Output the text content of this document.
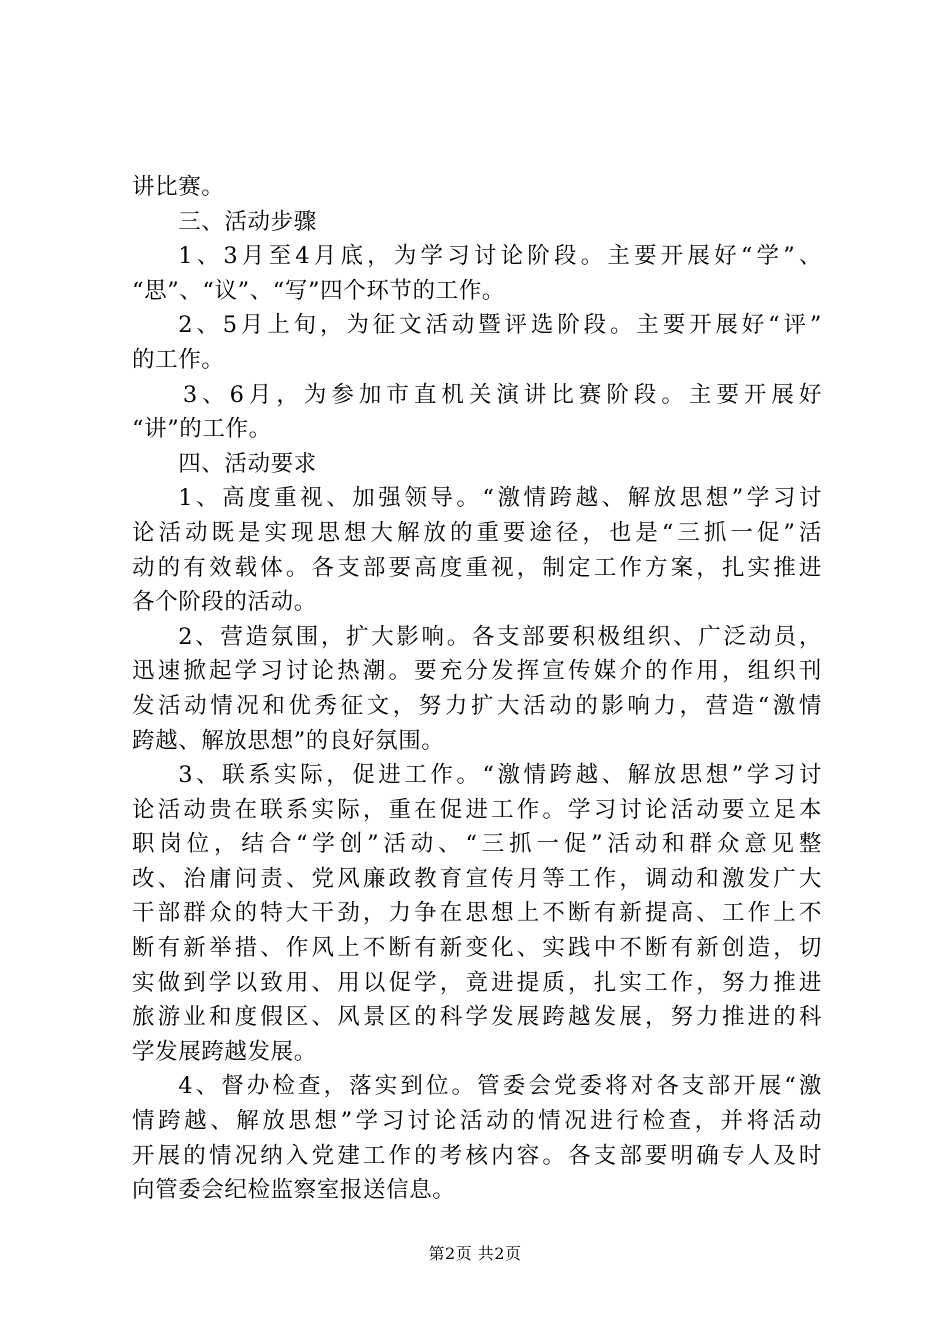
讲比赛。
三、活动步骤
1、3月至4月底，为学习讨论阶段。主要开展好“学”、
“思”、“议”、“写”四个环节的工作。
2、5月上旬，为征文活动暨评选阶段。主要开展好“评”
的工作。
3、6月，为参加市直机关演讲比赛阶段。主要开展好
“讲”的工作。
四、活动要求
1、高度重视、加强领导。“激情跨越、解放思想”学习讨
论活动既是实现思想大解放的重要途径，也是“三抓一促”活
动的有效载体。各支部要高度重视，制定工作方案，扎实推进
各个阶段的活动。
2、营造氛围，扩大影响。各支部要积极组织、广泛动员，
迅速掀起学习讨论热潮。要充分发挥宣传媒介的作用，组织刊
发活动情况和优秀征文，努力扩大活动的影响力，营造“激情
跨越、解放思想”的良好氛围。
3、联系实际，促进工作。“激情跨越、解放思想”学习讨
论活动贵在联系实际，重在促进工作。学习讨论活动要立足本
职岗位，结合“学创”活动、“三抓一促”活动和群众意见整
改、治庸问责、党风廉政教育宣传月等工作，调动和激发广大
干部群众的特大干劲，力争在思想上不断有新提高、工作上不
断有新举措、作风上不断有新变化、实践中不断有新创造，切
实做到学以致用、用以促学，竟进提质，扎实工作，努力推进
旅游业和度假区、风景区的科学发展跨越发展，努力推进的科
学发展跨越发展。
4、督办检查，落实到位。管委会党委将对各支部开展“激
情跨越、解放思想”学习讨论活动的情况进行检查，并将活动
开展的情况纳入党建工作的考核内容。各支部要明确专人及时
向管委会纪检监察室报送信息。
第2页 共2页
